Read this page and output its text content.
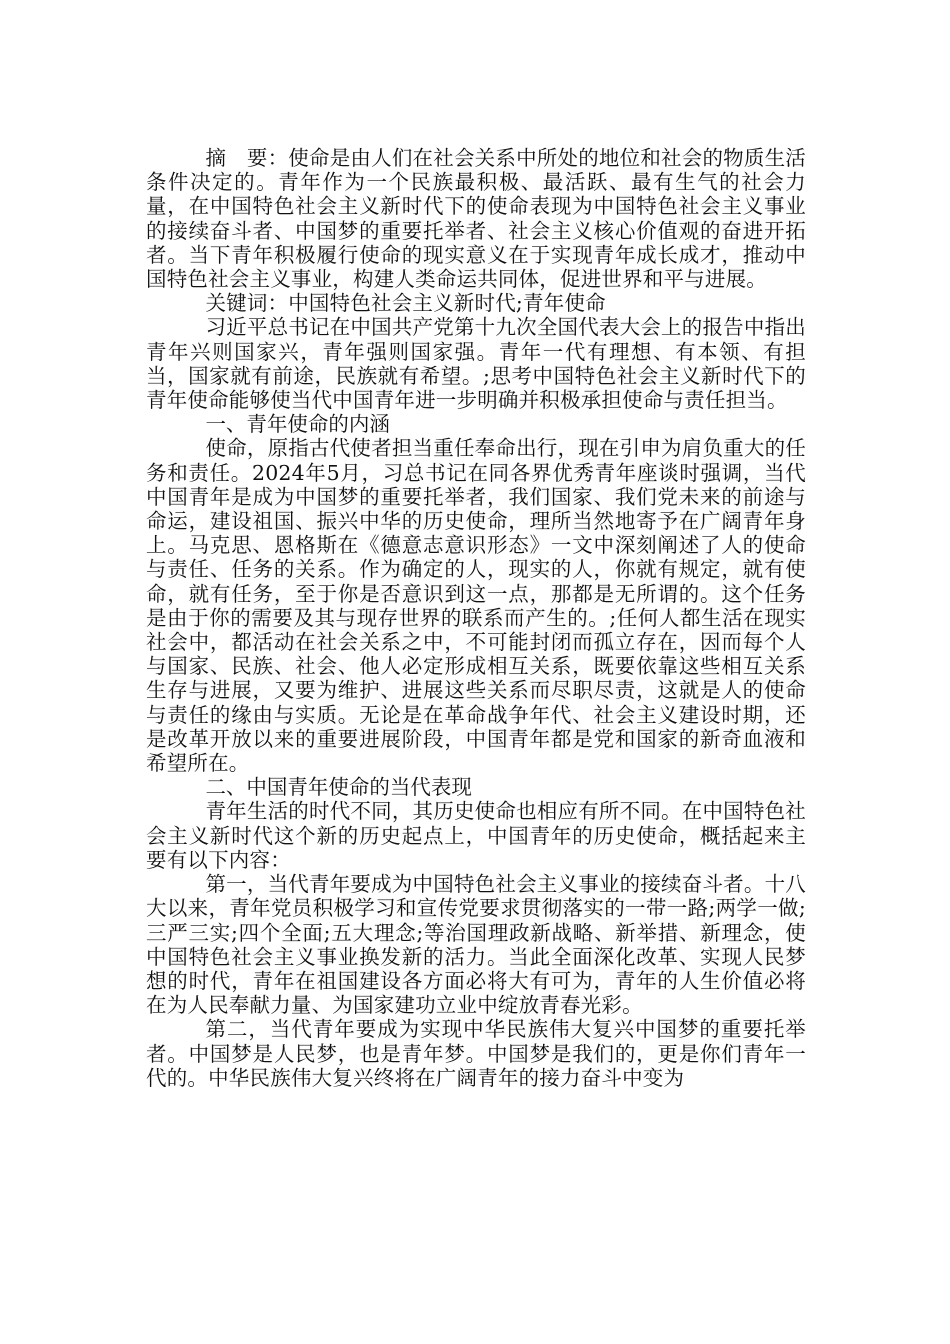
摘　要：使命是由人们在社会关系中所处的地位和社会的物质生活条件决定的。青年作为一个民族最积极、最活跃、最有生气的社会力量，在中国特色社会主义新时代下的使命表现为中国特色社会主义事业的接续奋斗者、中国梦的重要托举者、社会主义核心价值观的奋进开拓者。当下青年积极履行使命的现实意义在于实现青年成长成才，推动中国特色社会主义事业，构建人类命运共同体，促进世界和平与进展。

关键词：中国特色社会主义新时代;青年使命

习近平总书记在中国共产党第十九次全国代表大会上的报告中指出青年兴则国家兴，青年强则国家强。青年一代有理想、有本领、有担当，国家就有前途，民族就有希望。;思考中国特色社会主义新时代下的青年使命能够使当代中国青年进一步明确并积极承担使命与责任担当。

一、青年使命的内涵

使命，原指古代使者担当重任奉命出行，现在引申为肩负重大的任务和责任。2024年5月，习总书记在同各界优秀青年座谈时强调，当代中国青年是成为中国梦的重要托举者，我们国家、我们党未来的前途与命运，建设祖国、振兴中华的历史使命，理所当然地寄予在广阔青年身上。马克思、恩格斯在《德意志意识形态》一文中深刻阐述了人的使命与责任、任务的关系。作为确定的人，现实的人，你就有规定，就有使命，就有任务，至于你是否意识到这一点，那都是无所谓的。这个任务是由于你的需要及其与现存世界的联系而产生的。;任何人都生活在现实社会中，都活动在社会关系之中，不可能封闭而孤立存在，因而每个人与国家、民族、社会、他人必定形成相互关系，既要依靠这些相互关系生存与进展，又要为维护、进展这些关系而尽职尽责，这就是人的使命与责任的缘由与实质。无论是在革命战争年代、社会主义建设时期，还是改革开放以来的重要进展阶段，中国青年都是党和国家的新奇血液和希望所在。

二、中国青年使命的当代表现

青年生活的时代不同，其历史使命也相应有所不同。在中国特色社会主义新时代这个新的历史起点上，中国青年的历史使命，概括起来主要有以下内容：

第一，当代青年要成为中国特色社会主义事业的接续奋斗者。十八大以来，青年党员积极学习和宣传党要求贯彻落实的一带一路;两学一做;三严三实;四个全面;五大理念;等治国理政新战略、新举措、新理念，使中国特色社会主义事业换发新的活力。当此全面深化改革、实现人民梦想的时代，青年在祖国建设各方面必将大有可为，青年的人生价值必将在为人民奉献力量、为国家建功立业中绽放青春光彩。

第二，当代青年要成为实现中华民族伟大复兴中国梦的重要托举者。中国梦是人民梦，也是青年梦。中国梦是我们的，更是你们青年一代的。中华民族伟大复兴终将在广阔青年的接力奋斗中变为
